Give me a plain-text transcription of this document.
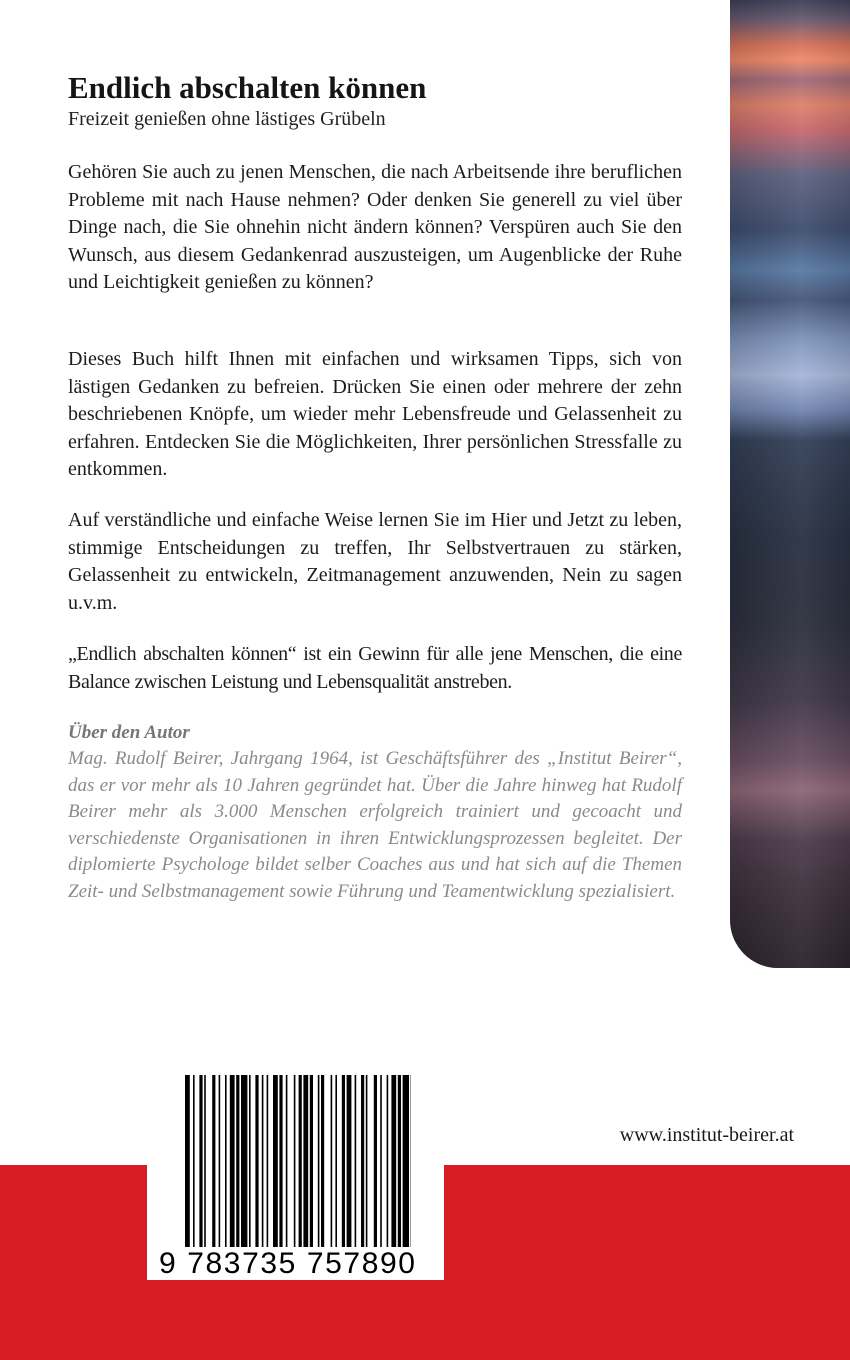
Endlich abschalten können

Freizeit genießen ohne lästiges Grübeln

Gehören Sie auch zu jenen Menschen, die nach Arbeitsende ihre beruflichen Probleme mit nach Hause nehmen? Oder denken Sie generell zu viel über Dinge nach, die Sie ohnehin nicht ändern können? Verspüren auch Sie den Wunsch, aus diesem Gedankenrad auszusteigen, um Augenblicke der Ruhe und Leichtigkeit genießen zu können?

Dieses Buch hilft Ihnen mit einfachen und wirksamen Tipps, sich von lästigen Gedanken zu befreien. Drücken Sie einen oder mehrere der zehn beschriebenen Knöpfe, um wieder mehr Lebensfreude und Gelassenheit zu erfahren. Entdecken Sie die Möglichkeiten, Ihrer persönlichen Stressfalle zu entkommen.

Auf verständliche und einfache Weise lernen Sie im Hier und Jetzt zu leben, stimmige Entscheidungen zu treffen, Ihr Selbstvertrauen zu stärken, Gelassenheit zu entwickeln, Zeitmanagement anzuwenden, Nein zu sagen u.v.m.

„Endlich abschalten können“ ist ein Gewinn für alle jene Menschen, die eine Balance zwischen Leistung und Lebensqualität anstreben.

Über den Autor

Mag. Rudolf Beirer, Jahrgang 1964, ist Geschäftsführer des „Institut Beirer“, das er vor mehr als 10 Jahren gegründet hat. Über die Jahre hinweg hat Rudolf Beirer mehr als 3.000 Menschen erfolgreich trainiert und gecoacht und verschiedenste Organisationen in ihren Entwicklungsprozessen begleitet. Der diplomierte Psychologe bildet selber Coaches aus und hat sich auf die Themen Zeit- und Selbstmanagement sowie Führung und Teamentwicklung spezialisiert.

www.institut-beirer.at

9 783735 757890
